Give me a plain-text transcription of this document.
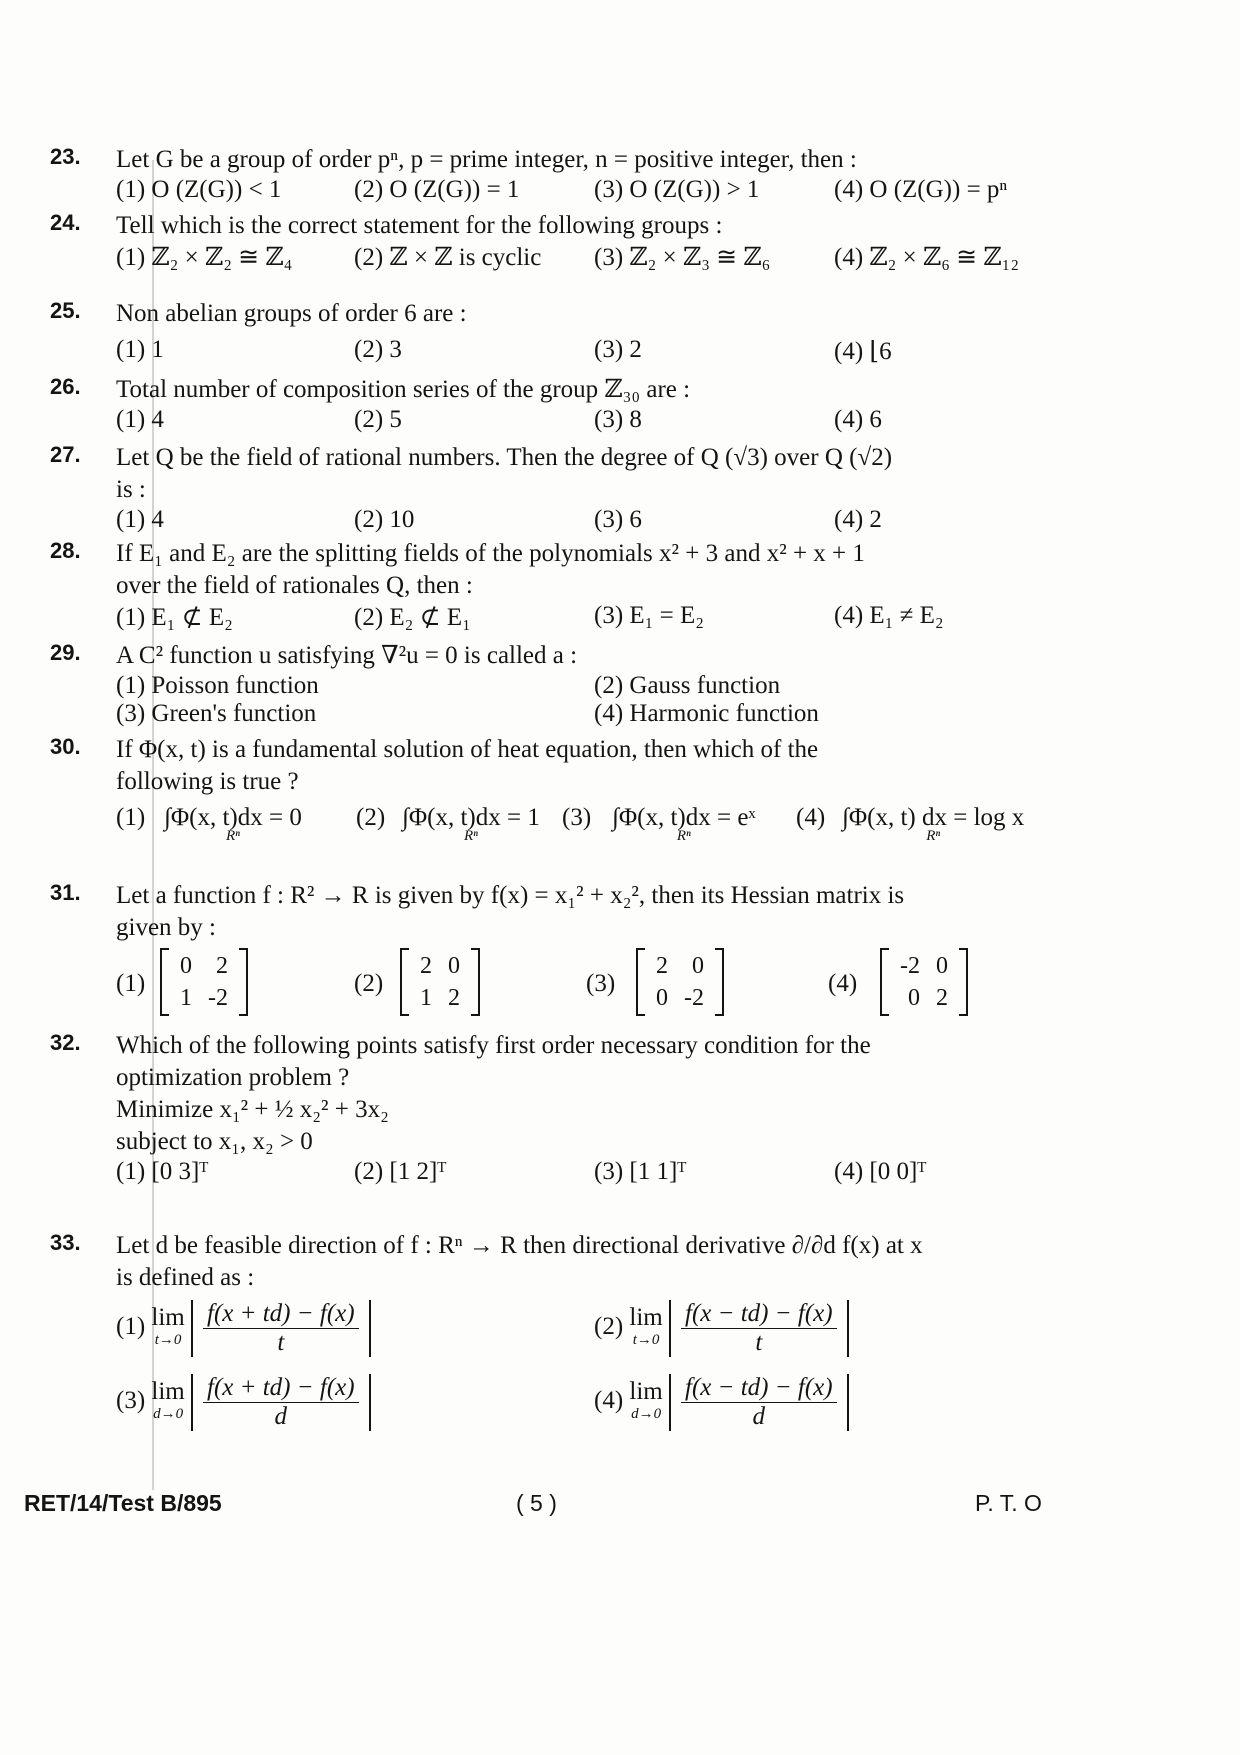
23. Let G be a group of order pⁿ, p = prime integer, n = positive integer, then :
(1) O (Z(G)) < 1	(2) O (Z(G)) = 1	(3) O (Z(G)) > 1	(4) O (Z(G)) = pⁿ
24. Tell which is the correct statement for the following groups :
(1) ℤ₂ × ℤ₂ ≅ ℤ₄ (2) ℤ × ℤ is cyclic (3) ℤ₂ × ℤ₃ ≅ ℤ₆	(4) ℤ₂ × ℤ₆ ≅ ℤ₁₂
25. Non abelian groups of order 6 are :
(1) 1	(2) 3	(3) 2	(4) ⌊6
26. Total number of composition series of the group ℤ₃₀ are :
(1) 4	(2) 5	(3) 8	(4) 6
27. Let Q be the field of rational numbers. Then the degree of Q (√3) over Q (√2)
is :
(1) 4	(2) 10	(3) 6	(4) 2
28. If E₁ and E₂ are the splitting fields of the polynomials x² + 3 and x² + x + 1
over the field of rationales Q, then :
(1) E₁ ⊄ E₂	(2) E₂ ⊄ E₁	(3) E₁ = E₂	(4) E₁ ≠ E₂
29. A C² function u satisfying ∇²u = 0 is called a :
(1) Poisson function	(2) Gauss function
(3) Green's function	(4) Harmonic function
30. If Φ(x, t) is a fundamental solution of heat equation, then which of the
following is true ?
(1) ∫Φ(x, t)dx = 0
Rⁿ
(2) ∫Φ(x, t)dx = 1
Rⁿ
(3) ∫Φ(x, t)dx = eˣ
Rⁿ
(4) ∫Φ(x, t) dx = log x
Rⁿ
31. Let a function f : R² → R is given by f(x) = x₁² + x₂², then its Hessian matrix is
given by :
(1)
0	2
1	-2
(2)
2	0
1	2
(3)
2	0
0	-2
(4)
-2	0
0	2
32. Which of the following points satisfy first order necessary condition for the
optimization problem ?
Minimize x₁² + ½ x₂² + 3x₂
subject to x₁, x₂ > 0
(1) [0 3]ᵀ	(2) [1 2]ᵀ	(3) [1 1]ᵀ	(4) [0 0]ᵀ
33. Let d be feasible direction of f : Rⁿ → R then directional derivative ∂/∂d f(x) at x
is defined as :
(1) lim
t→0
$\frac{f(x + td) - f(x)}{t}$	(2) lim
t→0
$\frac{f(x - td) - f(x)}{t}$
(3) lim
d→0
$\frac{f(x + td) - f(x)}{d}$	(4) lim
d→0
$\frac{f(x - td) - f(x)}{d}$
RET/14/Test B/895	( 5 )	P. T. O
